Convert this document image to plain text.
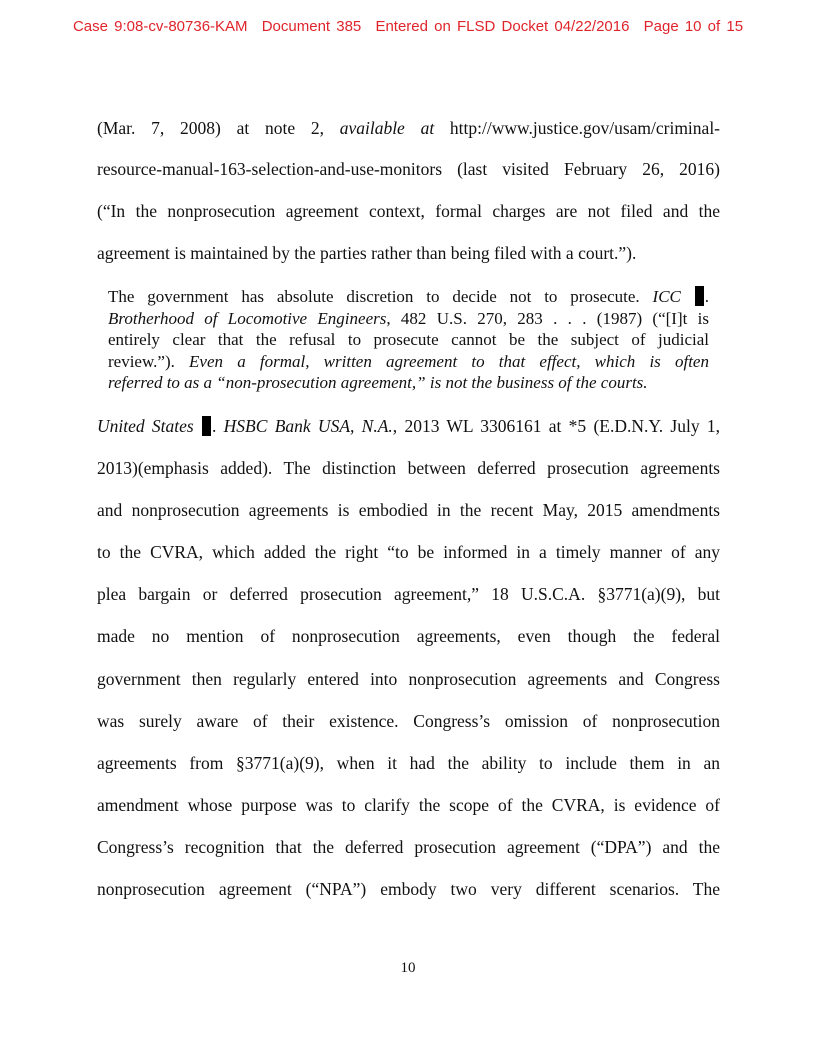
Case 9:08-cv-80736-KAM Document 385 Entered on FLSD Docket 04/22/2016 Page 10 of 15
(Mar. 7, 2008) at note 2, available at http://www.justice.gov/usam/criminal-
resource-manual-163-selection-and-use-monitors (last visited February 26, 2016)
(“In the nonprosecution agreement context, formal charges are not filed and the
agreement is maintained by the parties rather than being filed with a court.”).
The government has absolute discretion to decide not to prosecute. ICC .
Brotherhood of Locomotive Engineers, 482 U.S. 270, 283 . . . (1987) (“[I]t is
entirely clear that the refusal to prosecute cannot be the subject of judicial
review.”). Even a formal, written agreement to that effect, which is often
referred to as a “non-prosecution agreement,” is not the business of the courts.
United States . HSBC Bank USA, N.A., 2013 WL 3306161 at *5 (E.D.N.Y. July 1,
2013)(emphasis added). The distinction between deferred prosecution agreements
and nonprosecution agreements is embodied in the recent May, 2015 amendments
to the CVRA, which added the right “to be informed in a timely manner of any
plea bargain or deferred prosecution agreement,” 18 U.S.C.A. §3771(a)(9), but
made no mention of nonprosecution agreements, even though the federal
government then regularly entered into nonprosecution agreements and Congress
was surely aware of their existence. Congress’s omission of nonprosecution
agreements from §3771(a)(9), when it had the ability to include them in an
amendment whose purpose was to clarify the scope of the CVRA, is evidence of
Congress’s recognition that the deferred prosecution agreement (“DPA”) and the
nonprosecution agreement (“NPA”) embody two very different scenarios. The
10
